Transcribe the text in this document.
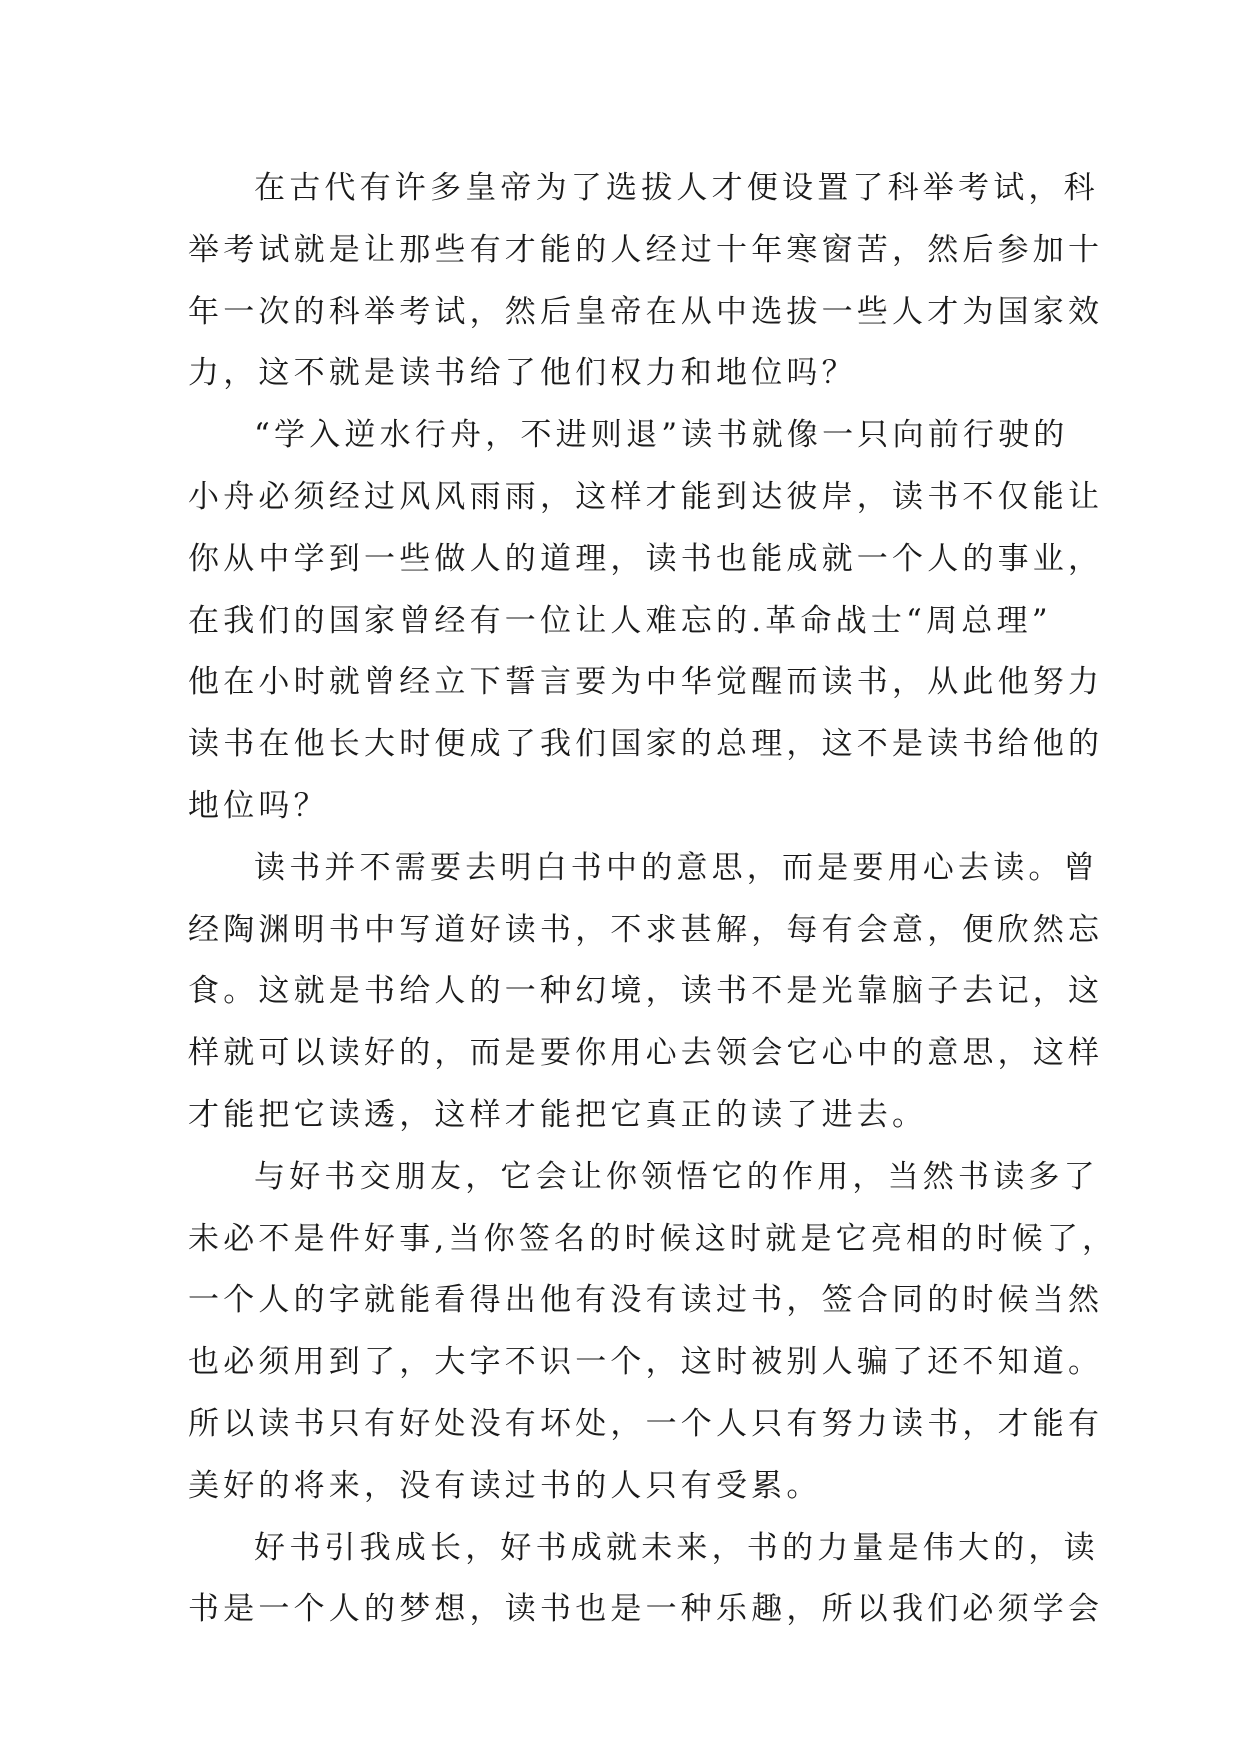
在古代有许多皇帝为了选拔人才便设置了科举考试，科
举考试就是让那些有才能的人经过十年寒窗苦，然后参加十
年一次的科举考试，然后皇帝在从中选拔一些人才为国家效
力，这不就是读书给了他们权力和地位吗？
“学入逆水行舟，不进则退”读书就像一只向前行驶的
小舟必须经过风风雨雨，这样才能到达彼岸，读书不仅能让
你从中学到一些做人的道理，读书也能成就一个人的事业，
在我们的国家曾经有一位让人难忘的.革命战士“周总理”
他在小时就曾经立下誓言要为中华觉醒而读书，从此他努力
读书在他长大时便成了我们国家的总理，这不是读书给他的
地位吗？
读书并不需要去明白书中的意思，而是要用心去读。曾
经陶渊明书中写道好读书，不求甚解，每有会意，便欣然忘
食。这就是书给人的一种幻境，读书不是光靠脑子去记，这
样就可以读好的，而是要你用心去领会它心中的意思，这样
才能把它读透，这样才能把它真正的读了进去。
与好书交朋友，它会让你领悟它的作用，当然书读多了
未必不是件好事,当你签名的时候这时就是它亮相的时候了，
一个人的字就能看得出他有没有读过书，签合同的时候当然
也必须用到了，大字不识一个，这时被别人骗了还不知道。
所以读书只有好处没有坏处，一个人只有努力读书，才能有
美好的将来，没有读过书的人只有受累。
好书引我成长，好书成就未来，书的力量是伟大的，读
书是一个人的梦想，读书也是一种乐趣，所以我们必须学会
